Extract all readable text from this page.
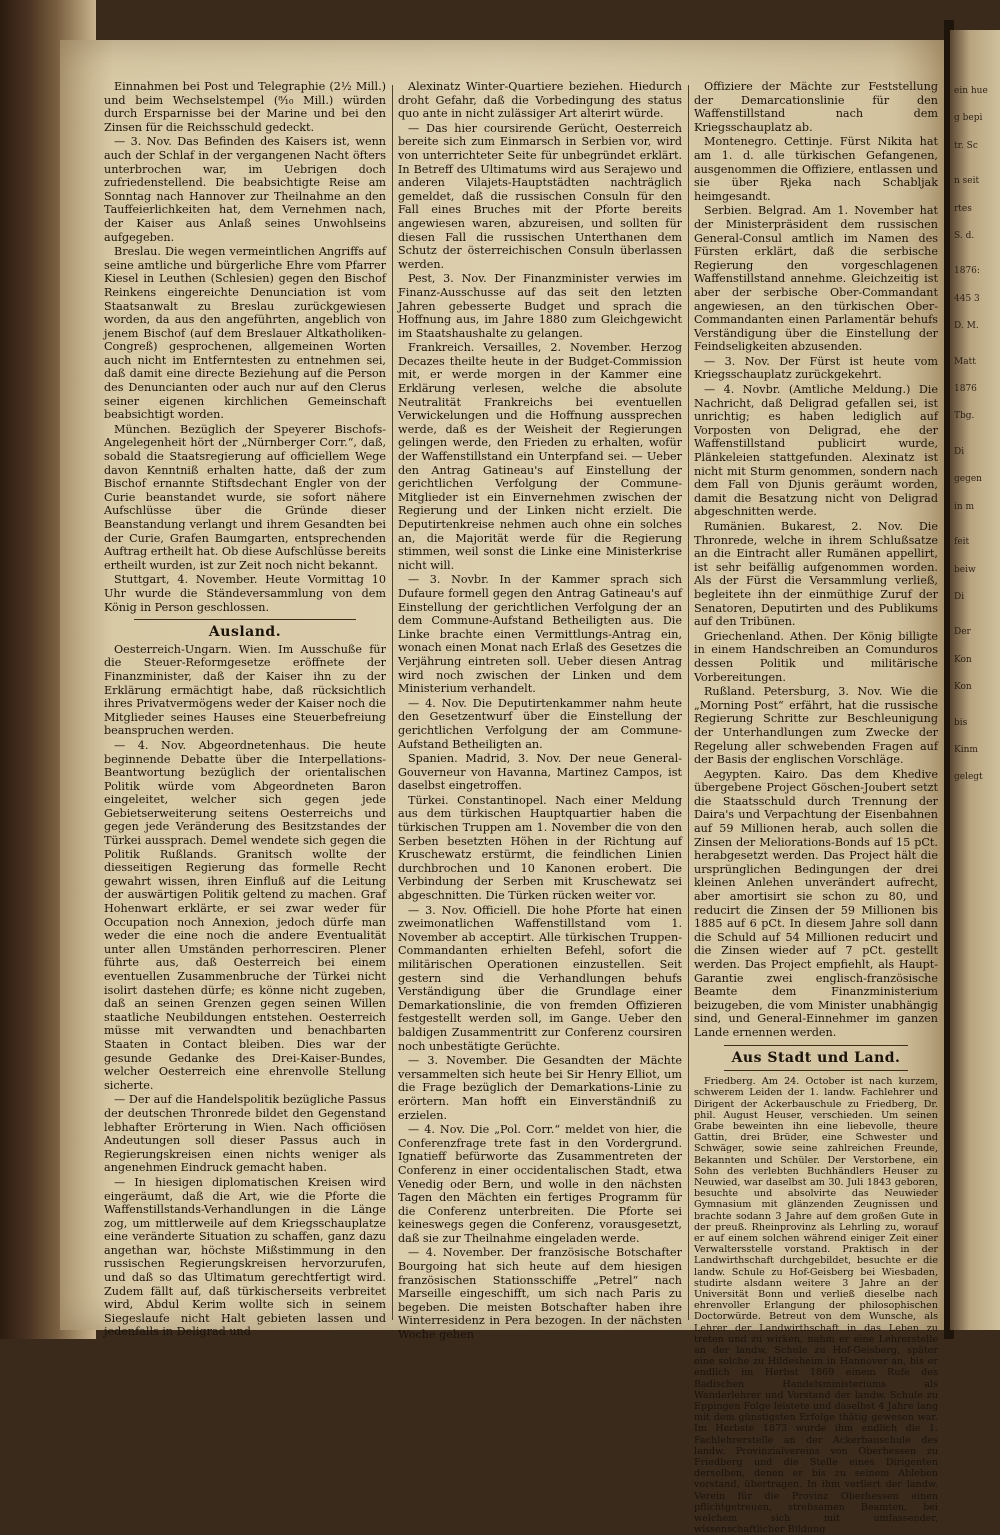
ein hue
g bepi
tr. Sc
n seit
rtes
S. d.
1876:
445 3
D. M.
Matt
1876
Tbg.
Di
gegen
in m
feit
beiw
Di
Der
Kon
Kon
bis
Kinm
gelegt

Einnahmen bei Post und Telegraphie (2½ Mill.) und beim Wechselstempel (⁸⁄₁₀ Mill.) würden durch Ersparnisse bei der Marine und bei den Zinsen für die Reichsschuld gedeckt.

— 3. Nov. Das Befinden des Kaisers ist, wenn auch der Schlaf in der vergangenen Nacht öfters unterbrochen war, im Uebrigen doch zufriedenstellend. Die beabsichtigte Reise am Sonntag nach Hannover zur Theilnahme an den Tauffeierlichkeiten hat, dem Vernehmen nach, der Kaiser aus Anlaß seines Unwohlseins aufgegeben.

Breslau. Die wegen vermeintlichen Angriffs auf seine amtliche und bürgerliche Ehre vom Pfarrer Kiesel in Leuthen (Schlesien) gegen den Bischof Reinkens eingereichte Denunciation ist vom Staatsanwalt zu Breslau zurückgewiesen worden, da aus den angeführten, angeblich von jenem Bischof (auf dem Breslauer Altkatholiken-Congreß) gesprochenen, allgemeinen Worten auch nicht im Entferntesten zu entnehmen sei, daß damit eine directe Beziehung auf die Person des Denuncianten oder auch nur auf den Clerus seiner eigenen kirchlichen Gemeinschaft beabsichtigt worden.

München. Bezüglich der Speyerer Bischofs-Angelegenheit hört der „Nürnberger Corr.“, daß, sobald die Staatsregierung auf officiellem Wege davon Kenntniß erhalten hatte, daß der zum Bischof ernannte Stiftsdechant Engler von der Curie beanstandet wurde, sie sofort nähere Aufschlüsse über die Gründe dieser Beanstandung verlangt und ihrem Gesandten bei der Curie, Grafen Baumgarten, entsprechenden Auftrag ertheilt hat. Ob diese Aufschlüsse bereits ertheilt wurden, ist zur Zeit noch nicht bekannt.

Stuttgart, 4. November. Heute Vormittag 10 Uhr wurde die Ständeversammlung von dem König in Person geschlossen.

Ausland.

Oesterreich-Ungarn. Wien. Im Ausschuße für die Steuer-Reformgesetze eröffnete der Finanzminister, daß der Kaiser ihn zu der Erklärung ermächtigt habe, daß rücksichtlich ihres Privatvermögens weder der Kaiser noch die Mitglieder seines Hauses eine Steuerbefreiung beanspruchen werden.

— 4. Nov. Abgeordnetenhaus. Die heute beginnende Debatte über die Interpellations-Beantwortung bezüglich der orientalischen Politik würde vom Abgeordneten Baron eingeleitet, welcher sich gegen jede Gebietserweiterung seitens Oesterreichs und gegen jede Veränderung des Besitzstandes der Türkei aussprach. Demel wendete sich gegen die Politik Rußlands. Granitsch wollte der diesseitigen Regierung das formelle Recht gewahrt wissen, ihren Einfluß auf die Leitung der auswärtigen Politik geltend zu machen. Graf Hohenwart erklärte, er sei zwar weder für Occupation noch Annexion, jedoch dürfe man weder die eine noch die andere Eventualität unter allen Umständen perhorresciren. Plener führte aus, daß Oesterreich bei einem eventuellen Zusammenbruche der Türkei nicht isolirt dastehen dürfe; es könne nicht zugeben, daß an seinen Grenzen gegen seinen Willen staatliche Neubildungen entstehen. Oesterreich müsse mit verwandten und benachbarten Staaten in Contact bleiben. Dies war der gesunde Gedanke des Drei-Kaiser-Bundes, welcher Oesterreich eine ehrenvolle Stellung sicherte.

— Der auf die Handelspolitik bezügliche Passus der deutschen Thronrede bildet den Gegenstand lebhafter Erörterung in Wien. Nach officiösen Andeutungen soll dieser Passus auch in Regierungskreisen einen nichts weniger als angenehmen Eindruck gemacht haben.

— In hiesigen diplomatischen Kreisen wird eingeräumt, daß die Art, wie die Pforte die Waffenstillstands-Verhandlungen in die Länge zog, um mittlerweile auf dem Kriegsschauplatze eine veränderte Situation zu schaffen, ganz dazu angethan war, höchste Mißstimmung in den russischen Regierungskreisen hervorzurufen, und daß so das Ultimatum gerechtfertigt wird. Zudem fällt auf, daß türkischerseits verbreitet wird, Abdul Kerim wollte sich in seinem Siegeslaufe nicht Halt gebieten lassen und jedenfalls in Deligrad und

Alexinatz Winter-Quartiere beziehen. Hiedurch droht Gefahr, daß die Vorbedingung des status quo ante in nicht zulässiger Art alterirt würde.

— Das hier coursirende Gerücht, Oesterreich bereite sich zum Einmarsch in Serbien vor, wird von unterrichteter Seite für unbegründet erklärt. In Betreff des Ultimatums wird aus Serajewo und anderen Vilajets-Hauptstädten nachträglich gemeldet, daß die russischen Consuln für den Fall eines Bruches mit der Pforte bereits angewiesen waren, abzureisen, und sollten für diesen Fall die russischen Unterthanen dem Schutz der österreichischen Consuln überlassen werden.

Pest, 3. Nov. Der Finanzminister verwies im Finanz-Ausschusse auf das seit den letzten Jahren gebesserte Budget und sprach die Hoffnung aus, im Jahre 1880 zum Gleichgewicht im Staatshaushalte zu gelangen.

Frankreich. Versailles, 2. November. Herzog Decazes theilte heute in der Budget-Commission mit, er werde morgen in der Kammer eine Erklärung verlesen, welche die absolute Neutralität Frankreichs bei eventuellen Verwickelungen und die Hoffnung aussprechen werde, daß es der Weisheit der Regierungen gelingen werde, den Frieden zu erhalten, wofür der Waffenstillstand ein Unterpfand sei. — Ueber den Antrag Gatineau's auf Einstellung der gerichtlichen Verfolgung der Commune-Mitglieder ist ein Einvernehmen zwischen der Regierung und der Linken nicht erzielt. Die Deputirtenkreise nehmen auch ohne ein solches an, die Majorität werde für die Regierung stimmen, weil sonst die Linke eine Ministerkrise nicht will.

— 3. Novbr. In der Kammer sprach sich Dufaure formell gegen den Antrag Gatineau's auf Einstellung der gerichtlichen Verfolgung der an dem Commune-Aufstand Betheiligten aus. Die Linke brachte einen Vermittlungs-Antrag ein, wonach einen Monat nach Erlaß des Gesetzes die Verjährung eintreten soll. Ueber diesen Antrag wird noch zwischen der Linken und dem Ministerium verhandelt.

— 4. Nov. Die Deputirtenkammer nahm heute den Gesetzentwurf über die Einstellung der gerichtlichen Verfolgung der am Commune-Aufstand Betheiligten an.

Spanien. Madrid, 3. Nov. Der neue General-Gouverneur von Havanna, Martinez Campos, ist daselbst eingetroffen.

Türkei. Constantinopel. Nach einer Meldung aus dem türkischen Hauptquartier haben die türkischen Truppen am 1. November die von den Serben besetzten Höhen in der Richtung auf Kruschewatz erstürmt, die feindlichen Linien durchbrochen und 10 Kanonen erobert. Die Verbindung der Serben mit Kruschewatz sei abgeschnitten. Die Türken rücken weiter vor.

— 3. Nov. Officiell. Die hohe Pforte hat einen zweimonatlichen Waffenstillstand vom 1. November ab acceptirt. Alle türkischen Truppen-Commandanten erhielten Befehl, sofort die militärischen Operationen einzustellen. Seit gestern sind die Verhandlungen behufs Verständigung über die Grundlage einer Demarkationslinie, die von fremden Offizieren festgestellt werden soll, im Gange. Ueber den baldigen Zusammentritt zur Conferenz coursiren noch unbestätigte Gerüchte.

— 3. November. Die Gesandten der Mächte versammelten sich heute bei Sir Henry Elliot, um die Frage bezüglich der Demarkations-Linie zu erörtern. Man hofft ein Einverständniß zu erzielen.

— 4. Nov. Die „Pol. Corr.“ meldet von hier, die Conferenzfrage trete fast in den Vordergrund. Ignatieff befürworte das Zusammentreten der Conferenz in einer occidentalischen Stadt, etwa Venedig oder Bern, und wolle in den nächsten Tagen den Mächten ein fertiges Programm für die Conferenz unterbreiten. Die Pforte sei keineswegs gegen die Conferenz, vorausgesetzt, daß sie zur Theilnahme eingeladen werde.

— 4. November. Der französische Botschafter Bourgoing hat sich heute auf dem hiesigen französischen Stationsschiffe „Petrel“ nach Marseille eingeschifft, um sich nach Paris zu begeben. Die meisten Botschafter haben ihre Winterresidenz in Pera bezogen. In der nächsten Woche gehen

Offiziere der Mächte zur Feststellung der Demarcationslinie für den Waffenstillstand nach dem Kriegsschauplatz ab.

Montenegro. Cettinje. Fürst Nikita hat am 1. d. alle türkischen Gefangenen, ausgenommen die Offiziere, entlassen und sie über Rjeka nach Schabljak heimgesandt.

Serbien. Belgrad. Am 1. November hat der Ministerpräsident dem russischen General-Consul amtlich im Namen des Fürsten erklärt, daß die serbische Regierung den vorgeschlagenen Waffenstillstand annehme. Gleichzeitig ist aber der serbische Ober-Commandant angewiesen, an den türkischen Ober-Commandanten einen Parlamentär behufs Verständigung über die Einstellung der Feindseligkeiten abzusenden.

— 3. Nov. Der Fürst ist heute vom Kriegsschauplatz zurückgekehrt.

— 4. Novbr. (Amtliche Meldung.) Die Nachricht, daß Deligrad gefallen sei, ist unrichtig; es haben lediglich auf Vorposten von Deligrad, ehe der Waffenstillstand publicirt wurde, Plänkeleien stattgefunden. Alexinatz ist nicht mit Sturm genommen, sondern nach dem Fall von Djunis geräumt worden, damit die Besatzung nicht von Deligrad abgeschnitten werde.

Rumänien. Bukarest, 2. Nov. Die Thronrede, welche in ihrem Schlußsatze an die Eintracht aller Rumänen appellirt, ist sehr beifällig aufgenommen worden. Als der Fürst die Versammlung verließ, begleitete ihn der einmüthige Zuruf der Senatoren, Deputirten und des Publikums auf den Tribünen.

Griechenland. Athen. Der König billigte in einem Handschreiben an Comunduros dessen Politik und militärische Vorbereitungen.

Rußland. Petersburg, 3. Nov. Wie die „Morning Post“ erfährt, hat die russische Regierung Schritte zur Beschleunigung der Unterhandlungen zum Zwecke der Regelung aller schwebenden Fragen auf der Basis der englischen Vorschläge.

Aegypten. Kairo. Das dem Khedive übergebene Project Göschen-Joubert setzt die Staatsschuld durch Trennung der Daira's und Verpachtung der Eisenbahnen auf 59 Millionen herab, auch sollen die Zinsen der Meliorations-Bonds auf 15 pCt. herabgesetzt werden. Das Project hält die ursprünglichen Bedingungen der drei kleinen Anlehen unverändert aufrecht, aber amortisirt sie schon zu 80, und reducirt die Zinsen der 59 Millionen bis 1885 auf 6 pCt. In diesem Jahre soll dann die Schuld auf 54 Millionen reducirt und die Zinsen wieder auf 7 pCt. gestellt werden. Das Project empfiehlt, als Haupt-Garantie zwei englisch-französische Beamte dem Finanzministerium beizugeben, die vom Minister unabhängig sind, und General-Einnehmer im ganzen Lande ernennen werden.

Aus Stadt und Land.

Friedberg. Am 24. October ist nach kurzem, schwerem Leiden der 1. landw. Fachlehrer und Dirigent der Ackerbauschule zu Friedberg, Dr. phil. August Heuser, verschieden. Um seinen Grabe beweinten ihn eine liebevolle, theure Gattin, drei Brüder, eine Schwester und Schwäger, sowie seine zahlreichen Freunde, Bekannten und Schüler. Der Verstorbene, ein Sohn des verlebten Buchhändlers Heuser zu Neuwied, war daselbst am 30. Juli 1843 geboren, besuchte und absolvirte das Neuwieder Gymnasium mit glänzenden Zeugnissen und brachte sodann 3 Jahre auf dem großen Gute in der preuß. Rheinprovinz als Lehrling zu, worauf er auf einem solchen während einiger Zeit einer Verwaltersstelle vorstand. Praktisch in der Landwirthschaft durchgebildet, besuchte er die landw. Schule zu Hof-Geisberg bei Wiesbaden, studirte alsdann weitere 3 Jahre an der Universität Bonn und verließ dieselbe nach ehrenvoller Erlangung der philosophischen Doctorwürde. Betreut von dem Wunsche, als Lehrer der Landwirthschaft in das Leben zu treten und zu wirken, nahm er eine Lehrerstelle an der landw. Schule zu Hof-Geisberg, später eine solche zu Hildesheim in Hannover an, bis er endlich im Herbst 1869 einem Rufe des Badischen Handelsministeriums als Wanderlehrer und Vorstand der landw. Schule zu Eppingen Folge leistete und daselbst 4 Jahre lang mit dem günstigsten Erfolge thätig gewesen war. Im Herbste 1873 wurde ihm endlich die 1. Fachlehrerstelle an der Ackerbauschule des landw. Provinzialvereins von Oberhessen zu Friedberg und die Stelle eines Dirigenten derselben, denen er bis zu seinem Ableben vorstand, übertragen. In ihm verliert der landw. Verein für die Provinz Oberhessen einen pflichtgetreuen, strebsamen Beamten, bei welchem sich mit umfassender, wissenschaftlicher Bildung
